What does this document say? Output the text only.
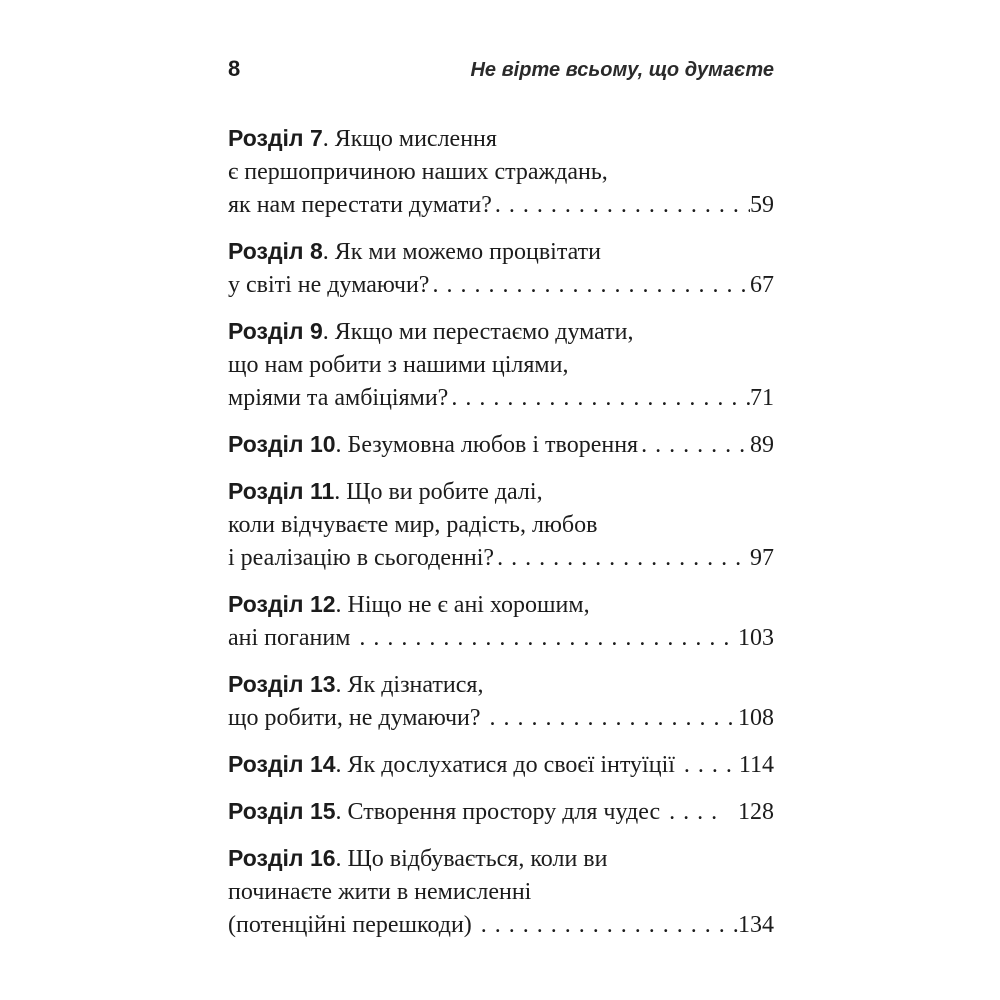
8	Не вірте всьому, що думаєте
Розділ 7 . Якщо мислення
є першопричиною наших страждань,
як нам перестати думати? . . .	59
Розділ 8 . Як ми можемо процвітати
у світі не думаючи? . . .	67
Розділ 9 . Якщо ми перестаємо думати,
що нам робити з нашими цілями,
мріями та амбіціями? . . .	71
Розділ 10 . Безумовна любов і творення . . .	89
Розділ 11 . Що ви робите далі,
коли відчуваєте мир, радість, любов
і реалізацію в сьогоденні? . . .	97
Розділ 12 . Ніщо не є ані хорошим,
ані поганим . . .	103
Розділ 13 . Як дізнатися,
що робити, не думаючи? . . .	108
Розділ 14 . Як дослухатися до своєї інтуїції . . . 114
Розділ 15 . Створення простору для чудес . . .	128
Розділ 16 . Що відбувається, коли ви
починаєте жити в немисленні
(потенційні перешкоди) . . .	134
